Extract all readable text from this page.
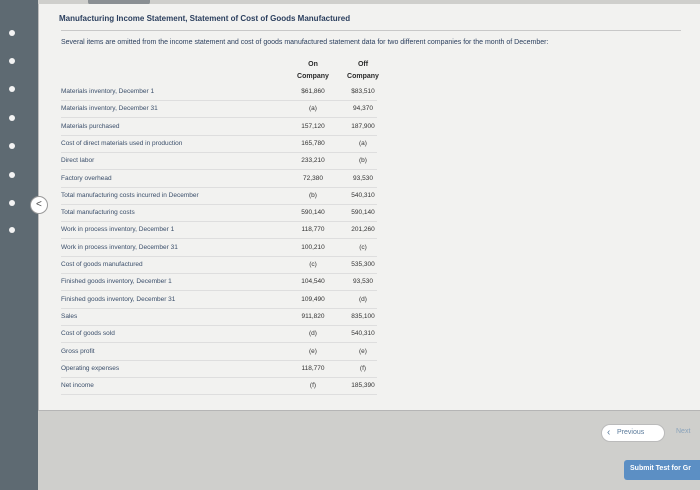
Manufacturing Income Statement, Statement of Cost of Goods Manufactured
Several items are omitted from the income statement and cost of goods manufactured statement data for two different companies for the month of December:
On
Company
Off
Company
Materials inventory, December 1	$61,860	$83,510
Materials inventory, December 31	(a)	94,370
Materials purchased	157,120	187,900
Cost of direct materials used in production	165,780	(a)
Direct labor	233,210	(b)
Factory overhead	72,380	93,530
Total manufacturing costs incurred in December	(b)	540,310
Total manufacturing costs	590,140	590,140
Work in process inventory, December 1	118,770	201,260
Work in process inventory, December 31	100,210	(c)
Cost of goods manufactured	(c)	535,300
Finished goods inventory, December 1	104,540	93,530
Finished goods inventory, December 31	109,490	(d)
Sales	911,820	835,100
Cost of goods sold	(d)	540,310
Gross profit	(e)	(e)
Operating expenses	118,770	(f)
Net income	(f)	185,390
<
‹ Previous	Next
Submit Test for Gr
